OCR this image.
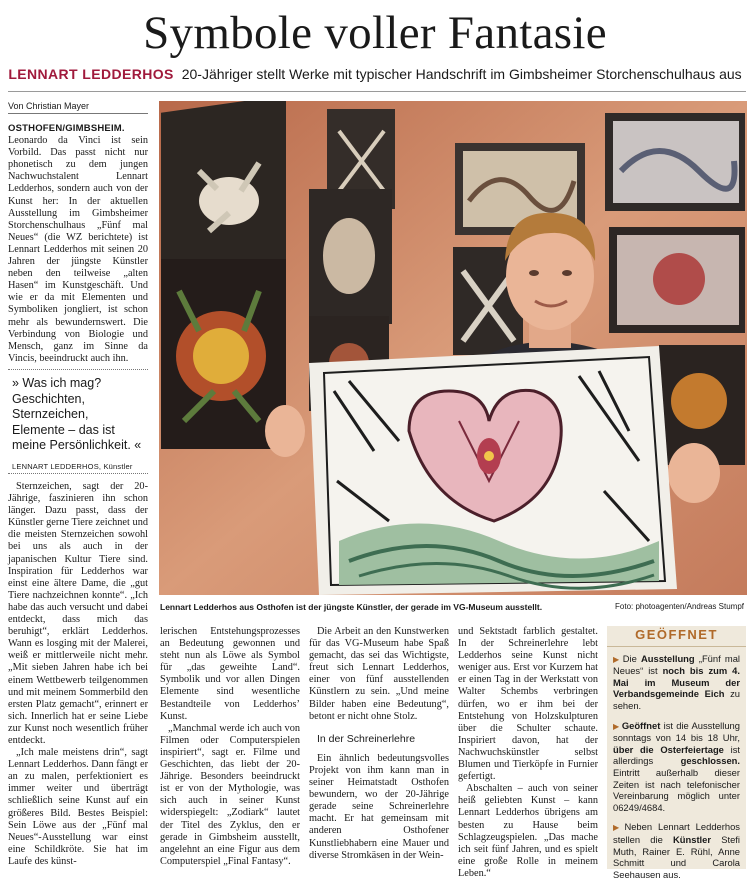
Symbole voller Fantasie
LENNART LEDDERHOS 20-Jähriger stellt Werke mit typischer Handschrift im Gimbsheimer Storchenschulhaus aus
Von Christian Mayer

OSTHOFEN/GIMBSHEIM. Leonardo da Vinci ist sein Vorbild. Das passt nicht nur phonetisch zu dem jungen Nachwuchstalent Lennart Ledderhos, sondern auch von der Kunst her: In der aktuellen Ausstellung im Gimbsheimer Storchenschulhaus „Fünf mal Neues“ (die WZ berichtete) ist Lennart Ledderhos mit seinen 20 Jahren der jüngste Künstler neben den teilweise „alten Hasen“ im Kunstgeschäft. Und wie er da mit Elementen und Symboliken jongliert, ist schon mehr als bewundernswert. Die Verbindung von Biologie und Mensch, ganz im Sinne da Vincis, beeindruckt auch ihn.

» Was ich mag? Geschichten, Sternzeichen, Elemente – das ist meine Persönlichkeit. «
LENNART LEDDERHOS, Künstler

Sternzeichen, sagt der 20-Jährige, faszinieren ihn schon länger. Dazu passt, dass der Künstler gerne Tiere zeichnet und die meisten Sternzeichen sowohl bei uns als auch in der japanischen Kultur Tiere sind. Inspiration für Ledderhos war einst eine ältere Dame, die „gut Tiere nachzeichnen konnte“. „Ich habe das auch versucht und dabei entdeckt, dass mich das beruhigt“, erklärt Ledderhos. Wann es losging mit der Malerei, weiß er mittlerweile nicht mehr. „Mit sieben Jahren habe ich bei einem Wettbewerb teilgenommen und mit meinem Sommerbild den ersten Platz gemacht“, erinnert er sich. Innerlich hat er seine Liebe zur Kunst noch wesentlich früher entdeckt.

„Ich male meistens drin“, sagt Lennart Ledderhos. Dann fängt er an zu malen, perfektioniert es immer weiter und überträgt schließlich seine Kunst auf ein größeres Bild. Bestes Beispiel: Sein Löwe aus der „Fünf mal Neues“-Ausstellung war einst eine Schildkröte. Sie hat im Laufe des künst-

Lennart Ledderhos aus Osthofen ist der jüngste Künstler, der gerade im VG-Museum ausstellt.	Foto: photoagenten/Andreas Stumpf

lerischen Entstehungsprozesses an Bedeutung gewonnen und steht nun als Löwe als Symbol für „das geweihte Land“. Symbolik und vor allen Dingen Elemente sind wesentliche Bestandteile von Ledderhos’ Kunst.

„Manchmal werde ich auch von Filmen oder Computerspielen inspiriert“, sagt er. Filme und Geschichten, das liebt der 20-Jährige. Besonders beeindruckt ist er von der Mythologie, was sich auch in seiner Kunst widerspiegelt: „Zodiark“ lautet der Titel des Zyklus, den er gerade in Gimbsheim ausstellt, angelehnt an eine Figur aus dem Computerspiel „Final Fantasy“.

Die Arbeit an den Kunstwerken für das VG-Museum habe Spaß gemacht, das sei das Wichtigste, freut sich Lennart Ledderhos, einer von fünf ausstellenden Künstlern zu sein. „Und meine Bilder haben eine Bedeutung“, betont er nicht ohne Stolz.

In der Schreinerlehre

Ein ähnlich bedeutungsvolles Projekt von ihm kann man in seiner Heimatstadt Osthofen bewundern, wo der 20-Jährige gerade seine Schreinerlehre macht. Er hat gemeinsam mit anderen Osthofener Kunstliebhabern eine Mauer und diverse Stromkäsen in der Wein-

und Sektstadt farblich gestaltet. In der Schreinerlehre lebt Ledderhos seine Kunst nicht weniger aus. Erst vor Kurzem hat er einen Tag in der Werkstatt von Walter Schembs verbringen dürfen, wo er ihm bei der Entstehung von Holzskulpturen über die Schulter schaute. Inspiriert davon, hat der Nachwuchskünstler selbst Blumen und Tierköpfe in Furnier gefertigt.

Abschalten – auch von seiner heiß geliebten Kunst – kann Lennart Ledderhos übrigens am besten zu Hause beim Schlagzeugspielen. „Das mache ich seit fünf Jahren, und es spielt eine große Rolle in meinem Leben.“

GEÖFFNET
▶ Die Ausstellung „Fünf mal Neues“ ist noch bis zum 4. Mai im Museum der Verbandsgemeinde Eich zu sehen.
▶ Geöffnet ist die Ausstellung sonntags von 14 bis 18 Uhr, über die Osterfeiertage ist allerdings geschlossen. Eintritt außerhalb dieser Zeiten ist nach telefonischer Vereinbarung möglich unter 06249/4684.
▶ Neben Lennart Ledderhos stellen die Künstler Stefi Muth, Rainer E. Rühl, Anne Schmitt und Carola Seehausen aus.
